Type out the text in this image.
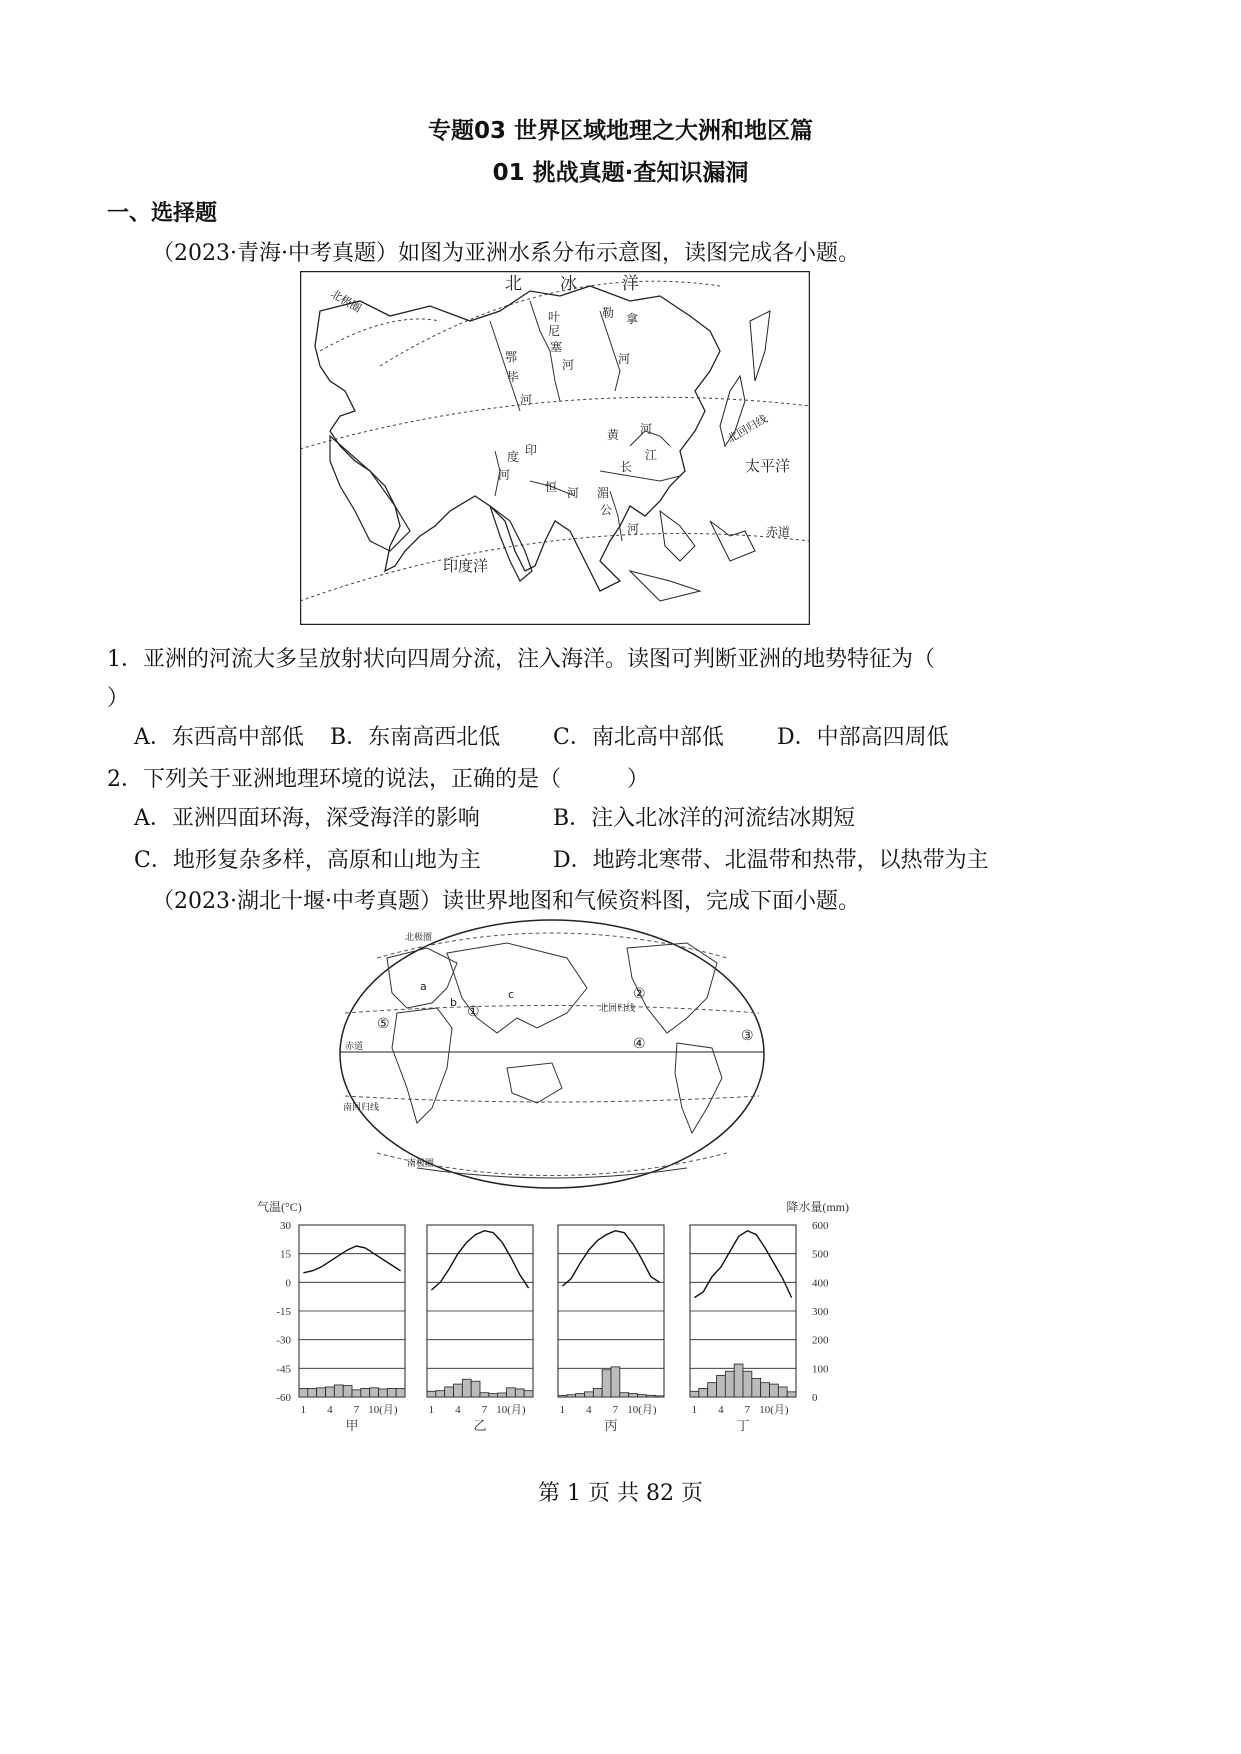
专题03 世界区域地理之大洲和地区篇
01 挑战真题·查知识漏洞
一、选择题
（2023·青海·中考真题）如图为亚洲水系分布示意图，读图完成各小题。
北 冰	洋
北极圈
叶
尼
塞
河
勒 拿
河
鄂
毕
河
黄 河
长
江
印
度
河
恒 河 湄
公
河
北回归线
太平洋
印度洋
赤道
1．亚洲的河流大多呈放射状向四周分流，注入海洋。读图可判断亚洲的地势特征为（
）
A．东西高中部低 B．东南高西北低 C．南北高中部低 D．中部高四周低
2．下列关于亚洲地理环境的说法，正确的是（　　　）
A．亚洲四面环海，深受海洋的影响	B．注入北冰洋的河流结冰期短
C．地形复杂多样，高原和山地为主	D．地跨北寒带、北温带和热带，以热带为主
（2023·湖北十堰·中考真题）读世界地图和气候资料图，完成下面小题。
北极圈
北回归线
赤道
南回归线
南极圈
a
b
c
①
②
③
④
⑤
气温(°C)	降水量(mm)
30
15
0
-15
-30
-45
-60
600
500
400
300
200
100
0
1 4 7 10(月)
甲
1 4 7 10(月)
乙
1 4 7 10(月)
丙
1 4 7 10(月)
丁
第 1 页 共 82 页
